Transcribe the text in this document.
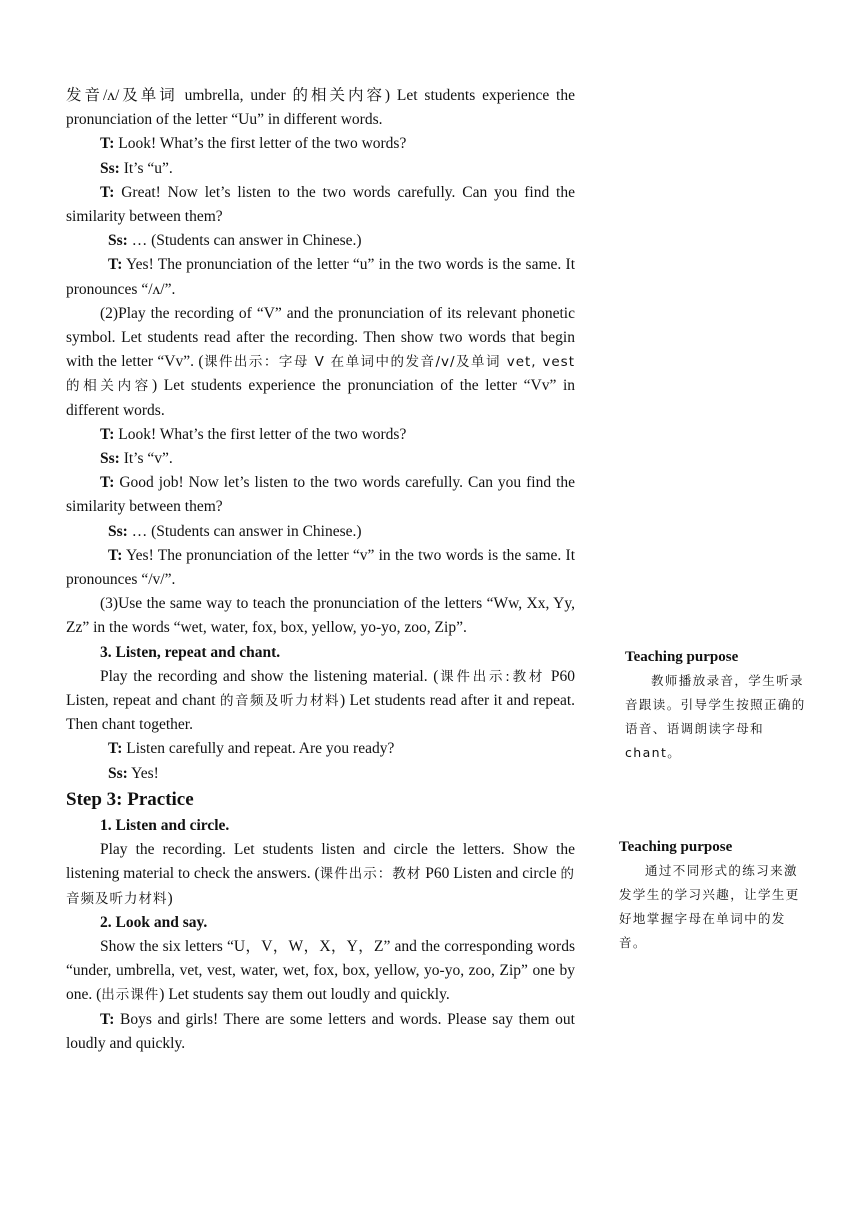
发音/ʌ/及单词 umbrella, under 的相关内容) Let students experience the pronunciation of the letter “Uu” in different words.

T: Look! What’s the first letter of the two words?

Ss: It’s “u”.

T: Great! Now let’s listen to the two words carefully. Can you find the similarity between them?

Ss: … (Students can answer in Chinese.)

T: Yes! The pronunciation of the letter “u” in the two words is the same. It pronounces “/ʌ/”.

(2)Play the recording of “V” and the pronunciation of its relevant phonetic symbol. Let students read after the recording. Then show two words that begin with the letter “Vv”. (课件出示：字母 V 在单词中的发音/v/及单词 vet, vest 的相关内容) Let students experience the pronunciation of the letter “Vv” in different words.

T: Look! What’s the first letter of the two words?

Ss: It’s “v”.

T: Good job! Now let’s listen to the two words carefully. Can you find the similarity between them?

Ss: … (Students can answer in Chinese.)

T: Yes! The pronunciation of the letter “v” in the two words is the same. It pronounces “/v/”.

(3)Use the same way to teach the pronunciation of the letters “Ww, Xx, Yy, Zz” in the words “wet, water, fox, box, yellow, yo-yo, zoo, Zip”.

3. Listen, repeat and chant.

Play the recording and show the listening material. (课件出示:教材 P60 Listen, repeat and chant 的音频及听力材料) Let students read after it and repeat. Then chant together.

T: Listen carefully and repeat. Are you ready?

Ss: Yes!

Step 3: Practice

1. Listen and circle.

Play the recording. Let students listen and circle the letters. Show the listening material to check the answers. (课件出示：教材 P60 Listen and circle 的音频及听力材料)

2. Look and say.

Show the six letters “U，V，W，X，Y，Z” and the corresponding words “under, umbrella, vet, vest, water, wet, fox, box, yellow, yo-yo, zoo, Zip” one by one. (出示课件) Let students say them out loudly and quickly.

T: Boys and girls! There are some letters and words. Please say them out loudly and quickly.

Teaching purpose

教师播放录音，学生听录音跟读。引导学生按照正确的语音、语调朗读字母和 chant。

Teaching purpose

通过不同形式的练习来激发学生的学习兴趣，让学生更好地掌握字母在单词中的发音。
